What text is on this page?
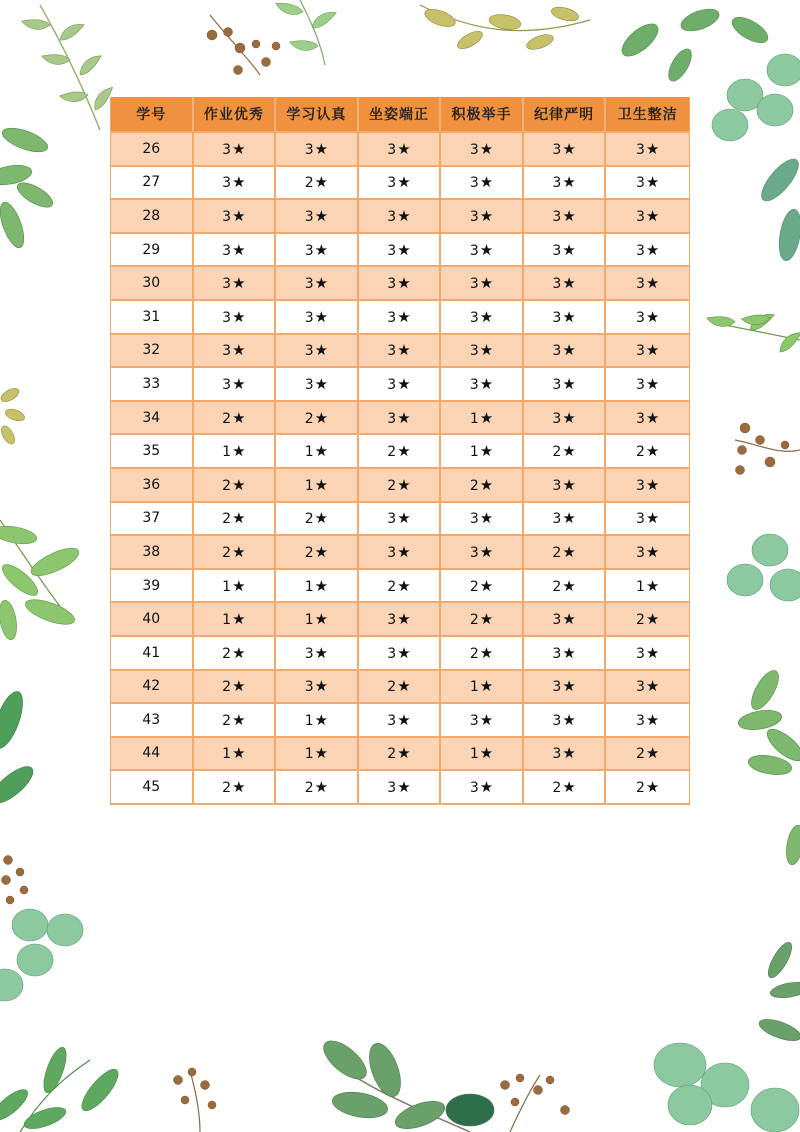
学号	作业优秀	学习认真	坐姿端正	积极举手	纪律严明	卫生整洁
26	3★	3★	3★	3★	3★	3★
27	3★	2★	3★	3★	3★	3★
28	3★	3★	3★	3★	3★	3★
29	3★	3★	3★	3★	3★	3★
30	3★	3★	3★	3★	3★	3★
31	3★	3★	3★	3★	3★	3★
32	3★	3★	3★	3★	3★	3★
33	3★	3★	3★	3★	3★	3★
34	2★	2★	3★	1★	3★	3★
35	1★	1★	2★	1★	2★	2★
36	2★	1★	2★	2★	3★	3★
37	2★	2★	3★	3★	3★	3★
38	2★	2★	3★	3★	2★	3★
39	1★	1★	2★	2★	2★	1★
40	1★	1★	3★	2★	3★	2★
41	2★	3★	3★	2★	3★	3★
42	2★	3★	2★	1★	3★	3★
43	2★	1★	3★	3★	3★	3★
44	1★	1★	2★	1★	3★	2★
45	2★	2★	3★	3★	2★	2★
